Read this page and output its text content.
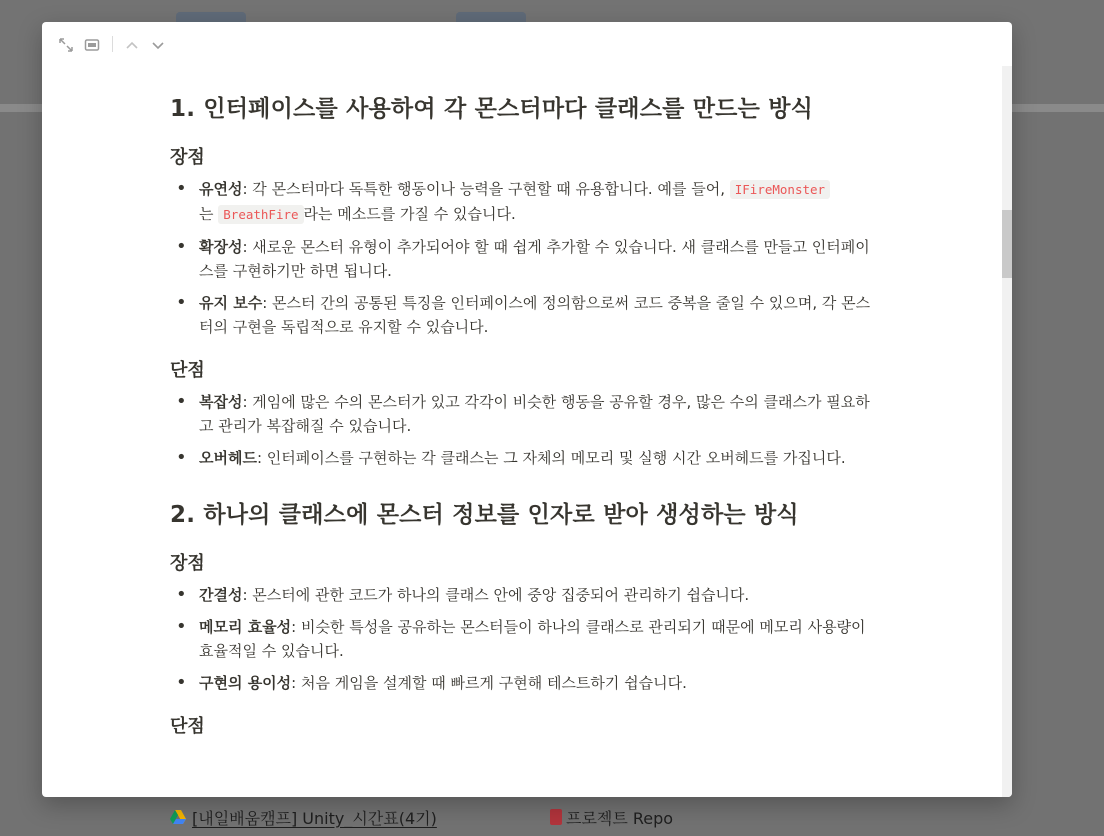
[내일배움캠프] Unity_시간표(4기)	프로젝트 Repo
1. 인터페이스를 사용하여 각 몬스터마다 클래스를 만드는 방식
장점
• 유연성: 각 몬스터마다 독특한 행동이나 능력을 구현할 때 유용합니다. 예를 들어, IFireMonster
는 BreathFire 라는 메소드를 가질 수 있습니다.
• 확장성: 새로운 몬스터 유형이 추가되어야 할 때 쉽게 추가할 수 있습니다. 새 클래스를 만들고 인터페이스를 구현하기만 하면 됩니다.
• 유지 보수: 몬스터 간의 공통된 특징을 인터페이스에 정의함으로써 코드 중복을 줄일 수 있으며, 각 몬스터의 구현을 독립적으로 유지할 수 있습니다.
단점
• 복잡성: 게임에 많은 수의 몬스터가 있고 각각이 비슷한 행동을 공유할 경우, 많은 수의 클래스가 필요하고 관리가 복잡해질 수 있습니다.
• 오버헤드: 인터페이스를 구현하는 각 클래스는 그 자체의 메모리 및 실행 시간 오버헤드를 가집니다.
2. 하나의 클래스에 몬스터 정보를 인자로 받아 생성하는 방식
장점
• 간결성: 몬스터에 관한 코드가 하나의 클래스 안에 중앙 집중되어 관리하기 쉽습니다.
• 메모리 효율성: 비슷한 특성을 공유하는 몬스터들이 하나의 클래스로 관리되기 때문에 메모리 사용량이 효율적일 수 있습니다.
• 구현의 용이성: 처음 게임을 설계할 때 빠르게 구현해 테스트하기 쉽습니다.
단점
